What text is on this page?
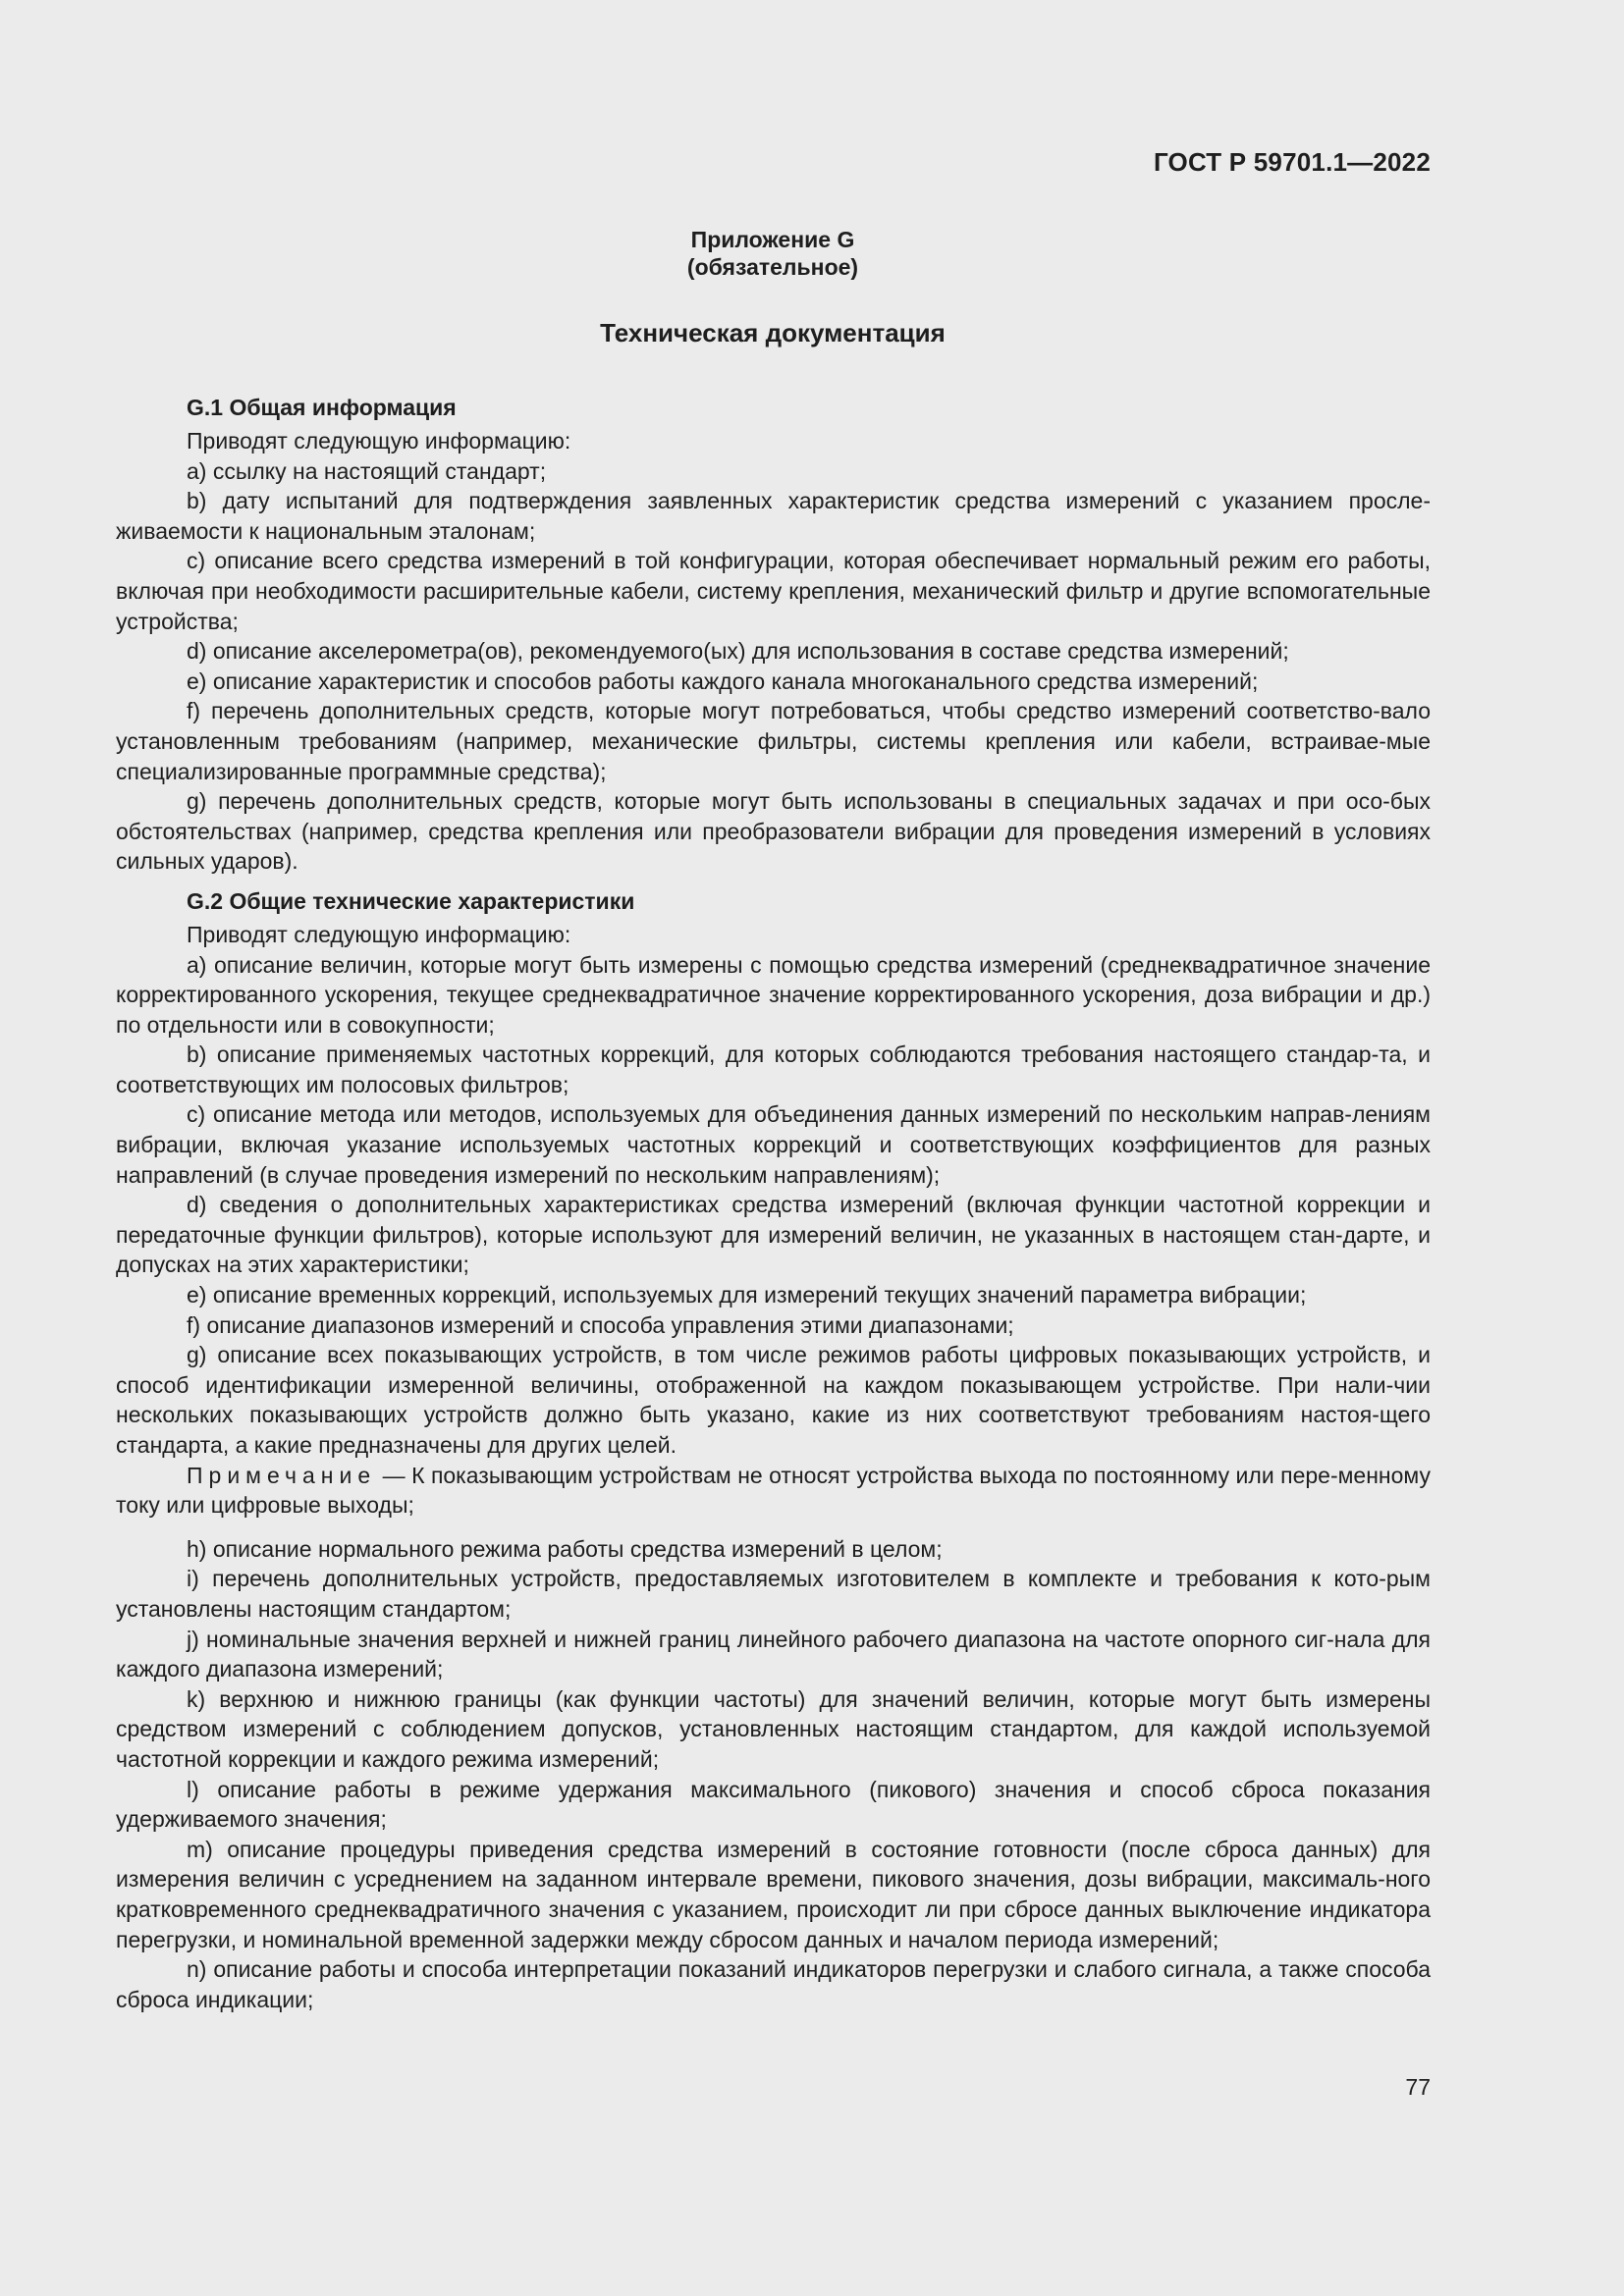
ГОСТ Р 59701.1—2022
Приложение G
(обязательное)
Техническая документация
G.1 Общая информация

Приводят следующую информацию:

a) ссылку на настоящий стандарт;

b) дату испытаний для подтверждения заявленных характеристик средства измерений с указанием просле-живаемости к национальным эталонам;

c) описание всего средства измерений в той конфигурации, которая обеспечивает нормальный режим его работы, включая при необходимости расширительные кабели, систему крепления, механический фильтр и другие вспомогательные устройства;

d) описание акселерометра(ов), рекомендуемого(ых) для использования в составе средства измерений;

e) описание характеристик и способов работы каждого канала многоканального средства измерений;

f) перечень дополнительных средств, которые могут потребоваться, чтобы средство измерений соответство-вало установленным требованиям (например, механические фильтры, системы крепления или кабели, встраивае-мые специализированные программные средства);

g) перечень дополнительных средств, которые могут быть использованы в специальных задачах и при осо-бых обстоятельствах (например, средства крепления или преобразователи вибрации для проведения измерений в условиях сильных ударов).

G.2 Общие технические характеристики

Приводят следующую информацию:

a) описание величин, которые могут быть измерены с помощью средства измерений (среднеквадратичное значение корректированного ускорения, текущее среднеквадратичное значение корректированного ускорения, доза вибрации и др.) по отдельности или в совокупности;

b) описание применяемых частотных коррекций, для которых соблюдаются требования настоящего стандар-та, и соответствующих им полосовых фильтров;

c) описание метода или методов, используемых для объединения данных измерений по нескольким направ-лениям вибрации, включая указание используемых частотных коррекций и соответствующих коэффициентов для разных направлений (в случае проведения измерений по нескольким направлениям);

d) сведения о дополнительных характеристиках средства измерений (включая функции частотной коррекции и передаточные функции фильтров), которые используют для измерений величин, не указанных в настоящем стан-дарте, и допусках на этих характеристики;

e) описание временных коррекций, используемых для измерений текущих значений параметра вибрации;

f) описание диапазонов измерений и способа управления этими диапазонами;

g) описание всех показывающих устройств, в том числе режимов работы цифровых показывающих устройств, и способ идентификации измеренной величины, отображенной на каждом показывающем устройстве. При нали-чии нескольких показывающих устройств должно быть указано, какие из них соответствуют требованиям настоя-щего стандарта, а какие предназначены для других целей.

Примечание — К показывающим устройствам не относят устройства выхода по постоянному или пере-менному току или цифровые выходы;

h) описание нормального режима работы средства измерений в целом;

i) перечень дополнительных устройств, предоставляемых изготовителем в комплекте и требования к кото-рым установлены настоящим стандартом;

j) номинальные значения верхней и нижней границ линейного рабочего диапазона на частоте опорного сиг-нала для каждого диапазона измерений;

k) верхнюю и нижнюю границы (как функции частоты) для значений величин, которые могут быть измерены средством измерений с соблюдением допусков, установленных настоящим стандартом, для каждой используемой частотной коррекции и каждого режима измерений;

l) описание работы в режиме удержания максимального (пикового) значения и способ сброса показания удерживаемого значения;

m) описание процедуры приведения средства измерений в состояние готовности (после сброса данных) для измерения величин с усреднением на заданном интервале времени, пикового значения, дозы вибрации, максималь-ного кратковременного среднеквадратичного значения с указанием, происходит ли при сбросе данных выключение индикатора перегрузки, и номинальной временной задержки между сбросом данных и началом периода измерений;

n) описание работы и способа интерпретации показаний индикаторов перегрузки и слабого сигнала, а также способа сброса индикации;

77
